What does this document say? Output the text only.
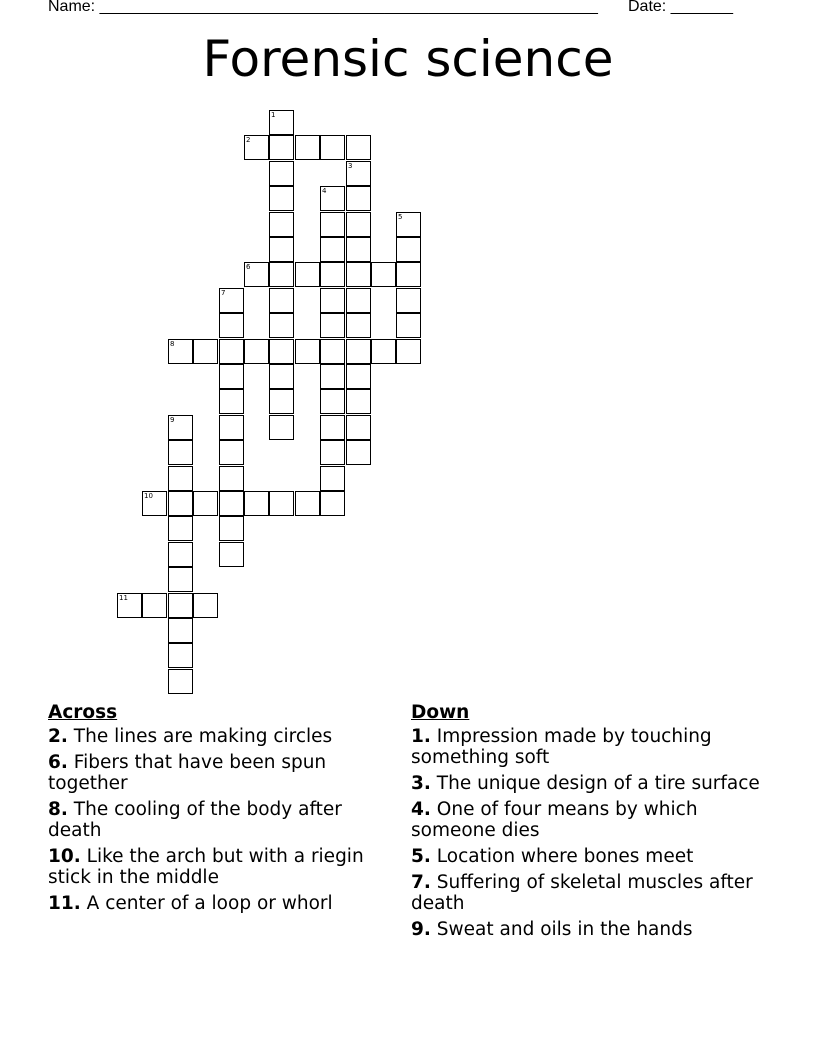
Name: ________________________________________________________ Date: _______
Forensic science
1
2
3
4
5
6
7
8
9
10
11
Across
2. The lines are making circles
6. Fibers that have been spun together
8. The cooling of the body after death
10. Like the arch but with a riegin stick in the middle
11. A center of a loop or whorl
Down
1. Impression made by touching something soft
3. The unique design of a tire surface
4. One of four means by which someone dies
5. Location where bones meet
7. Suffering of skeletal muscles after death
9. Sweat and oils in the hands
